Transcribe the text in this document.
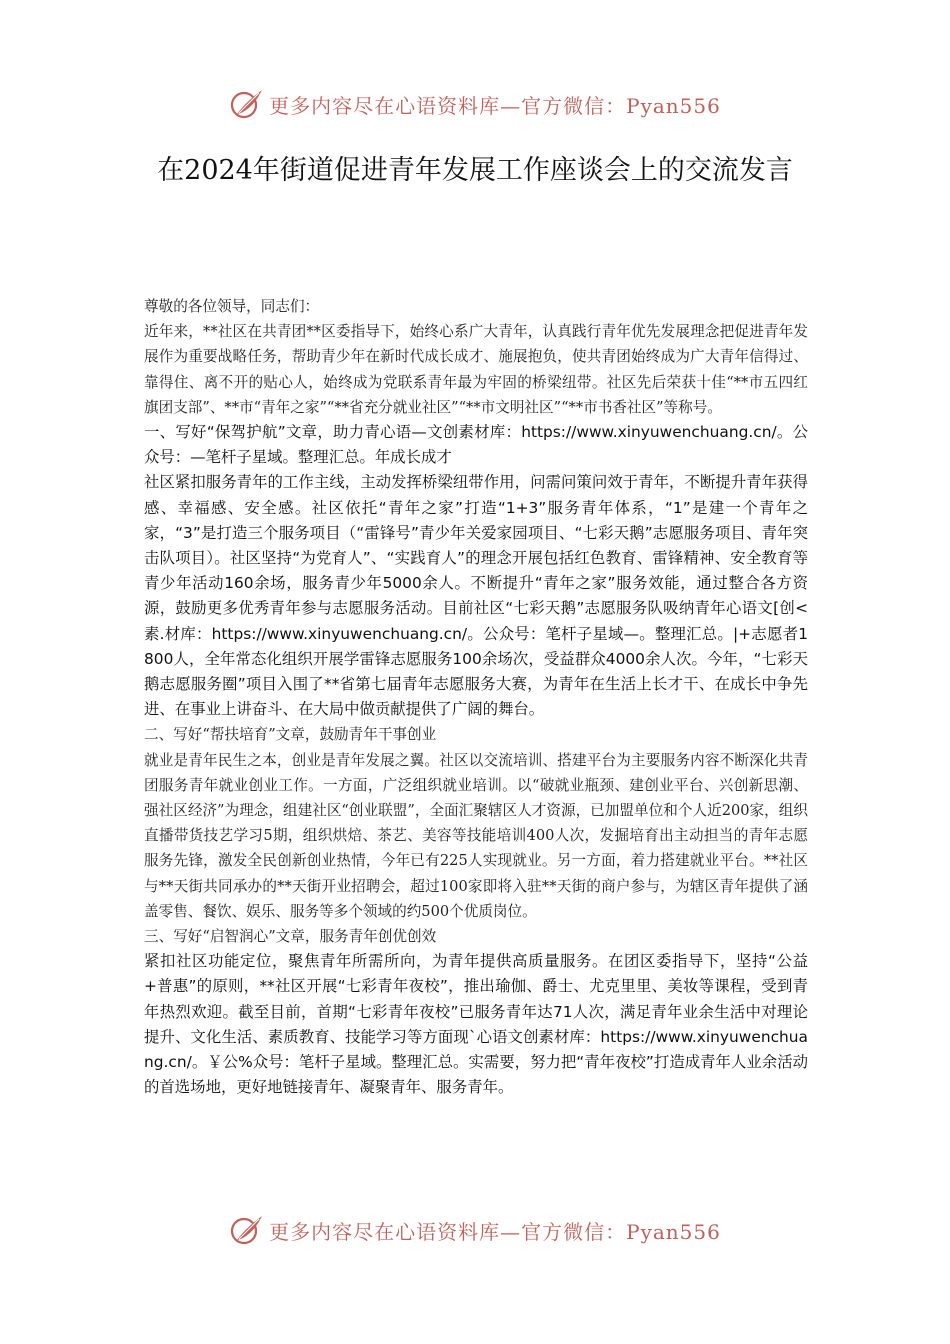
更多内容尽在心语资料库—官方微信：Pyan556
在2024年街道促进青年发展工作座谈会上的交流发言

尊敬的各位领导，同志们：

近年来，**社区在共青团**区委指导下，始终心系广大青年，认真践行青年优先发展理念把促进青年发展作为重要战略任务，帮助青少年在新时代成长成才、施展抱负，使共青团始终成为广大青年信得过、靠得住、离不开的贴心人，始终成为党联系青年最为牢固的桥梁纽带。社区先后荣获十佳“**市五四红旗团支部”、**市“青年之家”“**省充分就业社区”“**市文明社区”“**市书香社区”等称号。

一、写好“保驾护航”文章，助力青心语—文创素材库：https://www.xinyuwenchuang.cn/。公众号：—笔杆子星域。整理汇总。年成长成才

社区紧扣服务青年的工作主线，主动发挥桥梁纽带作用，问需问策问效于青年，不断提升青年获得感、幸福感、安全感。社区依托“青年之家”打造“1+3”服务青年体系，“1”是建一个青年之家，“3”是打造三个服务项目（“雷锋号”青少年关爱家园项目、“七彩天鹅”志愿服务项目、青年突击队项目）。社区坚持“为党育人”、“实践育人”的理念开展包括红色教育、雷锋精神、安全教育等青少年活动160余场，服务青少年5000余人。不断提升“青年之家”服务效能，通过整合各方资源，鼓励更多优秀青年参与志愿服务活动。目前社区“七彩天鹅”志愿服务队吸纳青年心语文[创<素.材库：https://www.xinyuwenchuang.cn/。公众号：笔杆子星域—。整理汇总。|+志愿者1800人，全年常态化组织开展学雷锋志愿服务100余场次，受益群众4000余人次。今年，“七彩天鹅志愿服务圈”项目入围了**省第七届青年志愿服务大赛，为青年在生活上长才干、在成长中争先进、在事业上讲奋斗、在大局中做贡献提供了广阔的舞台。

二、写好“帮扶培育”文章，鼓励青年干事创业

就业是青年民生之本，创业是青年发展之翼。社区以交流培训、搭建平台为主要服务内容不断深化共青团服务青年就业创业工作。一方面，广泛组织就业培训。以“破就业瓶颈、建创业平台、兴创新思潮、强社区经济”为理念，组建社区“创业联盟”，全面汇聚辖区人才资源，已加盟单位和个人近200家，组织直播带货技艺学习5期，组织烘焙、茶艺、美容等技能培训400人次，发掘培育出主动担当的青年志愿服务先锋，激发全民创新创业热情，今年已有225人实现就业。另一方面，着力搭建就业平台。**社区与**天街共同承办的**天街开业招聘会，超过100家即将入驻**天街的商户参与，为辖区青年提供了涵盖零售、餐饮、娱乐、服务等多个领域的约500个优质岗位。

三、写好“启智润心”文章，服务青年创优创效

紧扣社区功能定位，聚焦青年所需所向，为青年提供高质量服务。在团区委指导下，坚持“公益+普惠”的原则，**社区开展“七彩青年夜校”，推出瑜伽、爵士、尤克里里、美妆等课程，受到青年热烈欢迎。截至目前，首期“七彩青年夜校”已服务青年达71人次，满足青年业余生活中对理论提升、文化生活、素质教育、技能学习等方面现`心语文创素材库：https://www.xinyuwenchuang.cn/。￥公%众号：笔杆子星域。整理汇总。实需要，努力把“青年夜校”打造成青年人业余活动的首选场地，更好地链接青年、凝聚青年、服务青年。

更多内容尽在心语资料库—官方微信：Pyan556
